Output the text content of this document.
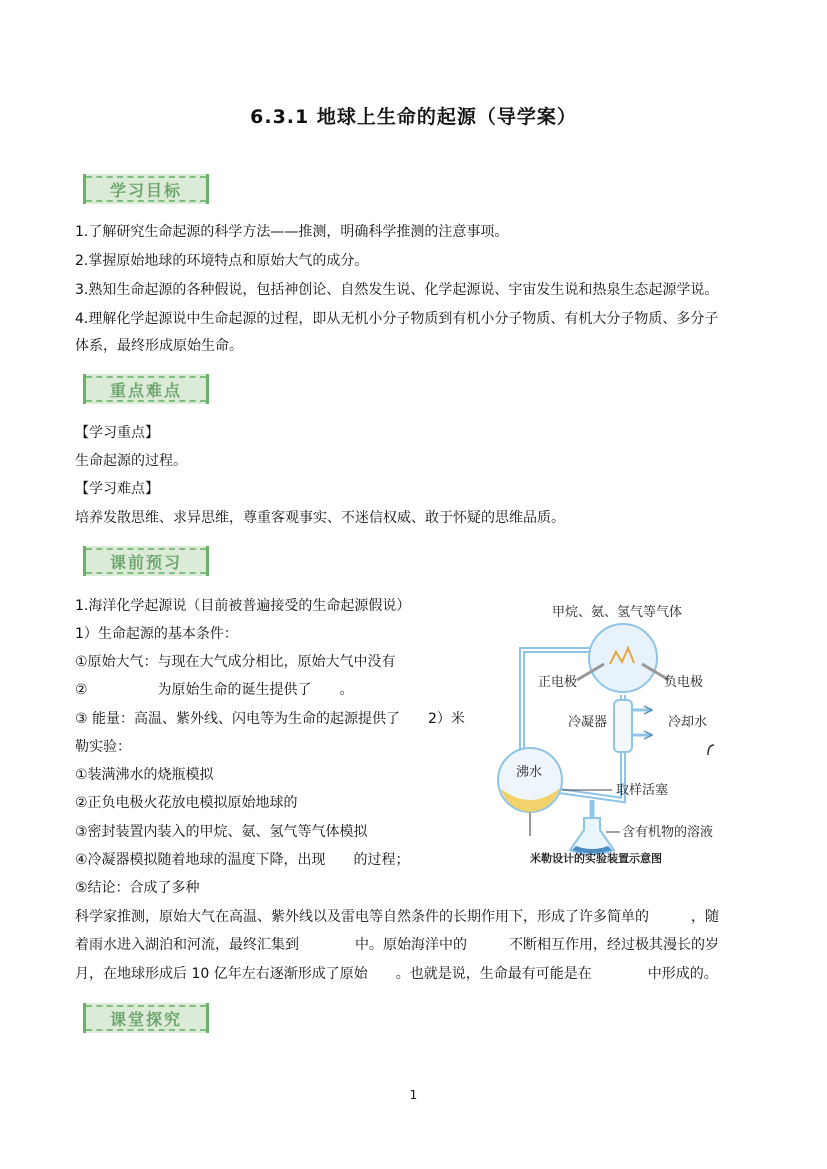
6.3.1 地球上生命的起源（导学案）
学习目标
1.了解研究生命起源的科学方法——推测，明确科学推测的注意事项。
2.掌握原始地球的环境特点和原始大气的成分。
3.熟知生命起源的各种假说，包括神创论、自然发生说、化学起源说、宇宙发生说和热泉生态起源学说。
4.理解化学起源说中生命起源的过程，即从无机小分子物质到有机小分子物质、有机大分子物质、多分子
体系，最终形成原始生命。
重点难点
【学习重点】
生命起源的过程。
【学习难点】
培养发散思维、求异思维，尊重客观事实、不迷信权威、敢于怀疑的思维品质。
课前预习
1.海洋化学起源说（目前被普遍接受的生命起源假说）
1）生命起源的基本条件：
①原始大气：与现在大气成分相比，原始大气中没有
②　　　　　为原始生命的诞生提供了　　。
③ 能量：高温、紫外线、闪电等为生命的起源提供了　　2）米
勒实验：
①装满沸水的烧瓶模拟
②正负电极火花放电模拟原始地球的
③密封装置内装入的甲烷、氨、氢气等气体模拟
④冷凝器模拟随着地球的温度下降，出现　　的过程；
⑤结论：合成了多种
科学家推测，原始大气在高温、紫外线以及雷电等自然条件的长期作用下，形成了许多简单的　　　，随
着雨水进入湖泊和河流，最终汇集到　　　　中。原始海洋中的　　　不断相互作用，经过极其漫长的岁
月，在地球形成后 10 亿年左右逐渐形成了原始　　。也就是说，生命最有可能是在　　　　中形成的。
甲烷、氨、氢气等气体
正电极	负电极
冷凝器	冷却水
沸水
取样活塞
含有机物的溶液
米勒设计的实验装置示意图
课堂探究
1
